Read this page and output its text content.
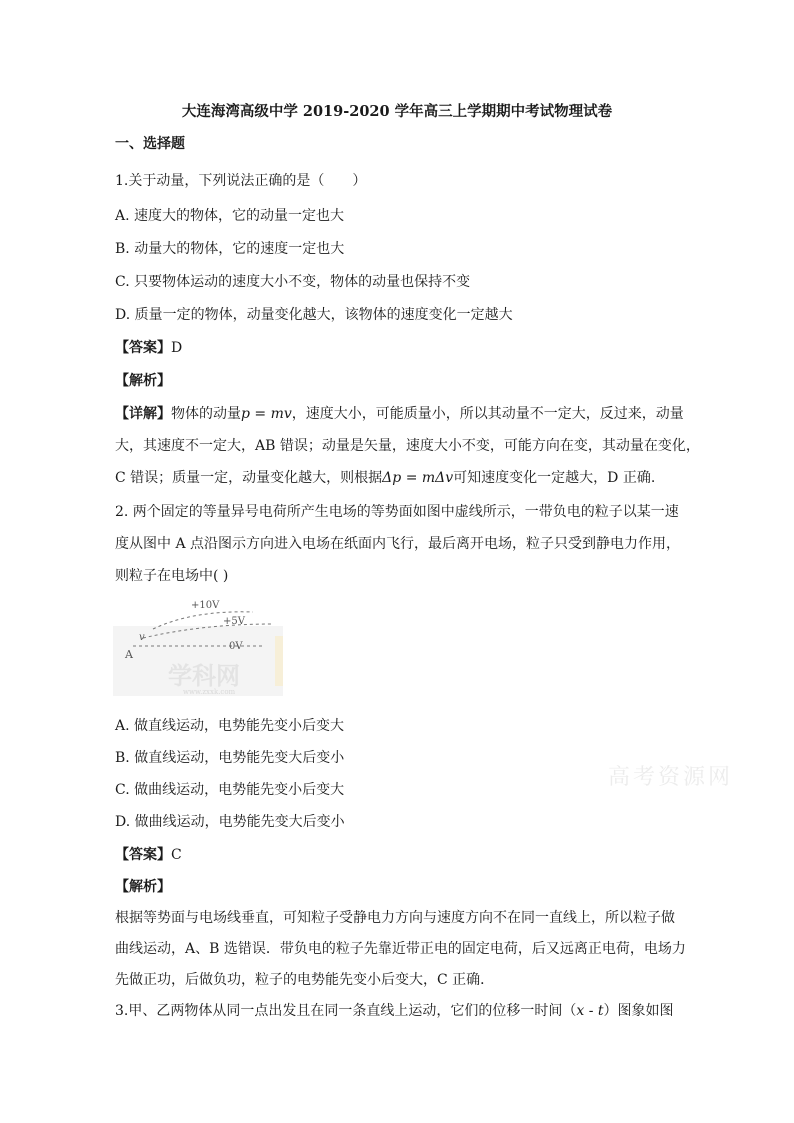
大连海湾高级中学 2019-2020 学年高三上学期期中考试物理试卷
一、选择题
1.关于动量，下列说法正确的是（　　）
A. 速度大的物体，它的动量一定也大
B. 动量大的物体，它的速度一定也大
C. 只要物体运动的速度大小不变，物体的动量也保持不变
D. 质量一定的物体，动量变化越大，该物体的速度变化一定越大
【答案】D
【解析】
【详解】物体的动量p = mv，速度大小，可能质量小，所以其动量不一定大，反过来，动量
大，其速度不一定大，AB 错误；动量是矢量，速度大小不变，可能方向在变，其动量在变化，
C 错误；质量一定，动量变化越大，则根据Δp = mΔv可知速度变化一定越大，D 正确.
2. 两个固定的等量异号电荷所产生电场的等势面如图中虚线所示，一带负电的粒子以某一速
度从图中 A 点沿图示方向进入电场在纸面内飞行，最后离开电场，粒子只受到静电力作用，
则粒子在电场中( )
+10V
+5V
0V
v
A
学科网
www.zxxk.com
A. 做直线运动，电势能先变小后变大
B. 做直线运动，电势能先变大后变小
C. 做曲线运动，电势能先变小后变大
D. 做曲线运动，电势能先变大后变小
【答案】C
【解析】
根据等势面与电场线垂直，可知粒子受静电力方向与速度方向不在同一直线上，所以粒子做
曲线运动，A、B 选错误．带负电的粒子先靠近带正电的固定电荷，后又远离正电荷，电场力
先做正功，后做负功，粒子的电势能先变小后变大，C 正确．
3.甲、乙两物体从同一点出发且在同一条直线上运动，它们的位移一时间（x - t）图象如图
高考资源网
